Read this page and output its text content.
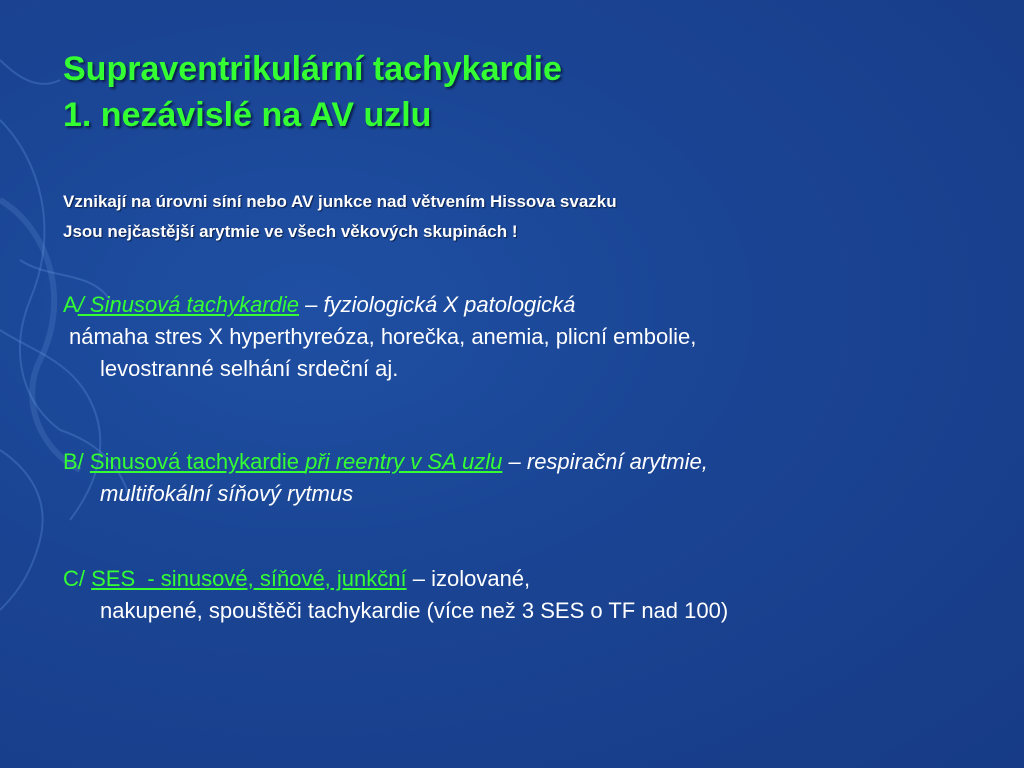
Supraventrikulární tachykardie
1. nezávislé na AV uzlu
Vznikají na úrovni síní nebo AV junkce nad větvením Hissova svazku
Jsou nejčastější arytmie ve všech věkových skupinách !
A/ Sinusová tachykardie – fyziologická X patologická
námaha stres X hyperthyreóza, horečka, anemia, plicní embolie,
levostranné selhání srdeční aj.
B/ Sinusová tachykardie při reentry v SA uzlu – respirační arytmie,
multifokální síňový rytmus
C/ SES  - sinusové, síňové, junkční – izolované,
nakupené, spouštěči tachykardie (více než 3 SES o TF nad 100)
